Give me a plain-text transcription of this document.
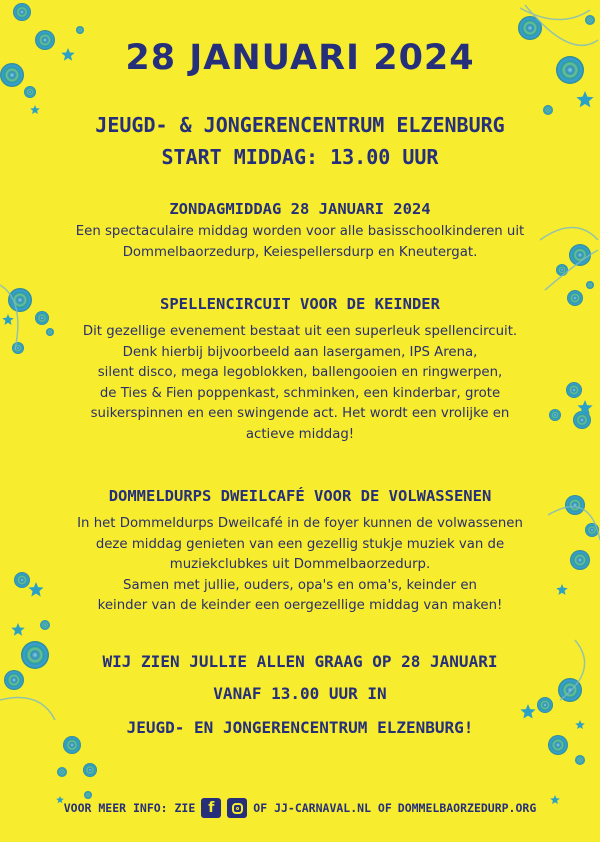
28 JANUARI 2024
JEUGD- & JONGERENCENTRUM ELZENBURG
START MIDDAG: 13.00 UUR
ZONDAGMIDDAG 28 JANUARI 2024
Een spectaculaire middag worden voor alle basisschoolkinderen uit
Dommelbaorzedurp, Keiespellersdurp en Kneutergat.
SPELLENCIRCUIT VOOR DE KEINDER
Dit gezellige evenement bestaat uit een superleuk spellencircuit.
Denk hierbij bijvoorbeeld aan lasergamen, IPS Arena,
silent disco, mega legoblokken, ballengooien en ringwerpen,
de Ties & Fien poppenkast, schminken, een kinderbar, grote
suikerspinnen en een swingende act. Het wordt een vrolijke en
actieve middag!
DOMMELDURPS DWEILCAFÉ VOOR DE VOLWASSENEN
In het Dommeldurps Dweilcafé in de foyer kunnen de volwassenen
deze middag genieten van een gezellig stukje muziek van de
muziekclubkes uit Dommelbaorzedurp.
Samen met jullie, ouders, opa's en oma's, keinder en
keinder van de keinder een oergezellige middag van maken!
WIJ ZIEN JULLIE ALLEN GRAAG OP 28 JANUARI
VANAF 13.00 UUR IN
JEUGD- EN JONGERENCENTRUM ELZENBURG!
VOOR MEER INFO: ZIE f	OF JJ-CARNAVAL.NL OF DOMMELBAORZEDURP.ORG
